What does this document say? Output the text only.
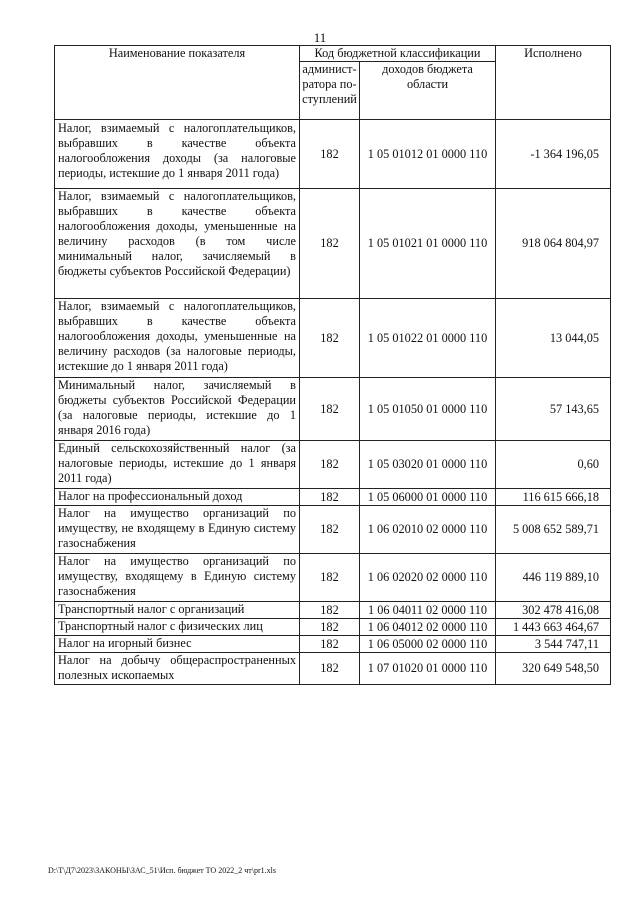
11
Наименование показателя	Код бюджетной классификации		Исполнено
	админист-ратора по-ступлений	доходов бюджета области	
Налог, взимаемый с налогоплательщиков, выбравших в качестве объекта налогообложения доходы (за налоговые периоды, истекшие до 1 января 2011 года)	182	1 05 01012 01 0000 110	-1 364 196,05
Налог, взимаемый с налогоплательщиков, выбравших в качестве объекта налогообложения доходы, уменьшенные на величину расходов (в том числе минимальный налог, зачисляемый в бюджеты субъектов Российской Федерации)	182	1 05 01021 01 0000 110	918 064 804,97
Налог, взимаемый с налогоплательщиков, выбравших в качестве объекта налогообложения доходы, уменьшенные на величину расходов (за налоговые периоды, истекшие до 1 января 2011 года)	182	1 05 01022 01 0000 110	13 044,05
Минимальный налог, зачисляемый в бюджеты субъектов Российской Федерации (за налоговые периоды, истекшие до 1 января 2016 года)	182	1 05 01050 01 0000 110	57 143,65
Единый сельскохозяйственный налог (за налоговые периоды, истекшие до 1 января 2011 года)	182	1 05 03020 01 0000 110	0,60
Налог на профессиональный доход	182	1 05 06000 01 0000 110	116 615 666,18
Налог на имущество организаций по имуществу, не входящему в Единую систему газоснабжения	182	1 06 02010 02 0000 110	5 008 652 589,71
Налог на имущество организаций по имуществу, входящему в Единую систему газоснабжения	182	1 06 02020 02 0000 110	446 119 889,10
Транспортный налог с организаций	182	1 06 04011 02 0000 110	302 478 416,08
Транспортный налог с физических лиц	182	1 06 04012 02 0000 110	1 443 663 464,67
Налог на игорный бизнес	182	1 06 05000 02 0000 110	3 544 747,11
Налог на добычу общераспространенных полезных ископаемых	182	1 07 01020 01 0000 110	320 649 548,50
D:\Т\Д7\2023\ЗАКОНЫ\ЗАС_51\Исп. бюджет ТО 2022_2 чт\pr1.xls
